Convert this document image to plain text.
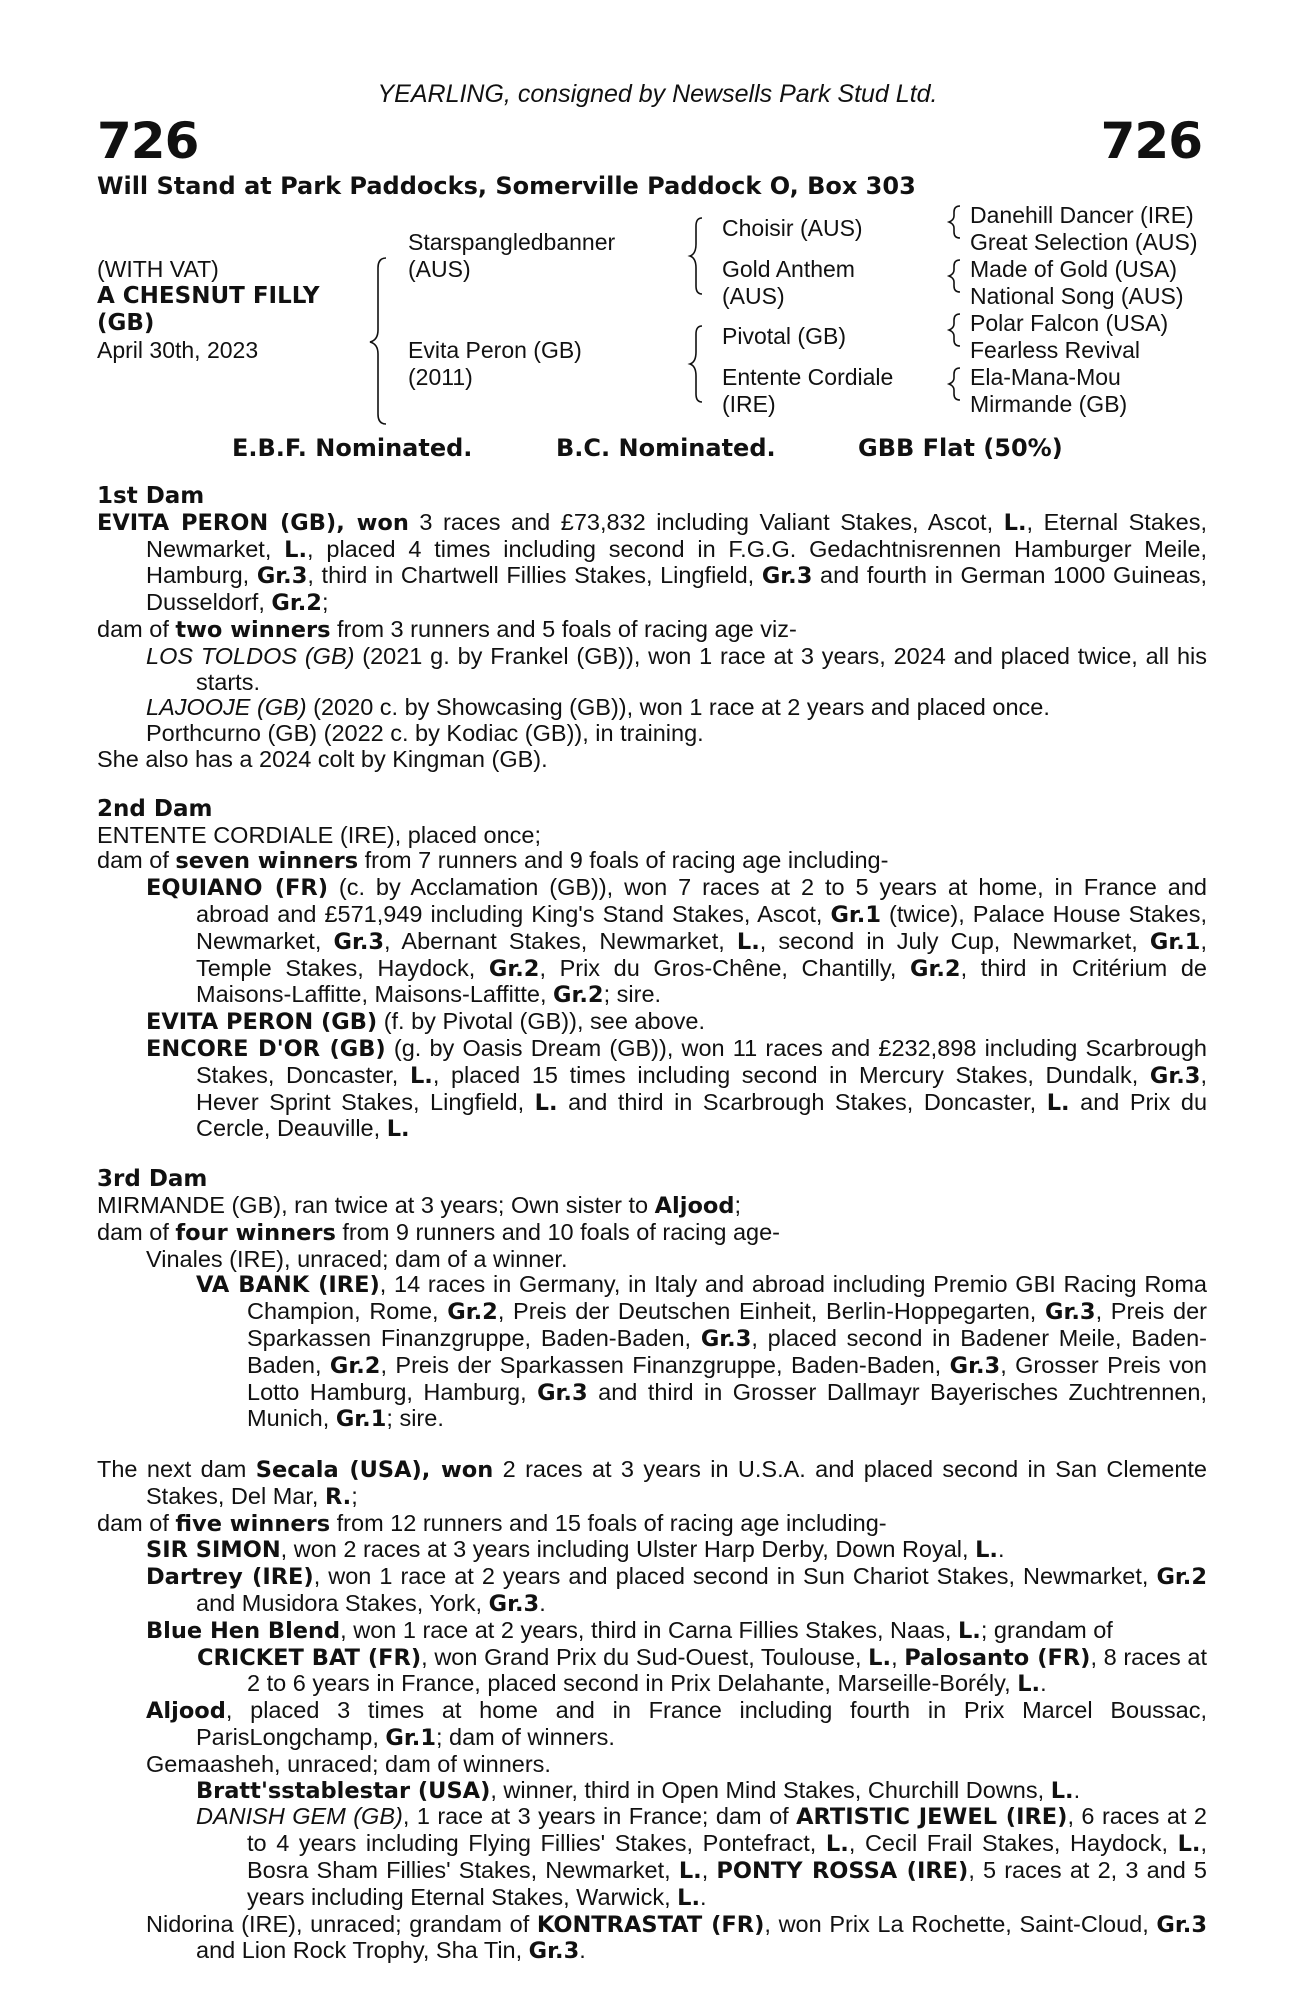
YEARLING, consigned by Newsells Park Stud Ltd.
726	726
Will Stand at Park Paddocks, Somerville Paddock O, Box 303
(WITH VAT)
A CHESNUT FILLY
(GB)
April 30th, 2023
Starspangledbanner
(AUS)
Evita Peron (GB)
(2011)
Choisir (AUS)
Gold Anthem
(AUS)
Pivotal (GB)
Entente Cordiale
(IRE)
Danehill Dancer (IRE)
Great Selection (AUS)
Made of Gold (USA)
National Song (AUS)
Polar Falcon (USA)
Fearless Revival
Ela-Mana-Mou
Mirmande (GB)
E.B.F. Nominated.	B.C. Nominated.	GBB Flat (50%)
1st Dam
EVITA PERON (GB), won 3 races and £73,832 including Valiant Stakes, Ascot, L., Eternal Stakes, Newmarket, L., placed 4 times including second in F.G.G. Gedachtnisrennen Hamburger Meile, Hamburg, Gr.3, third in Chartwell Fillies Stakes, Lingfield, Gr.3 and fourth in German 1000 Guineas, Dusseldorf, Gr.2;
dam of two winners from 3 runners and 5 foals of racing age viz-
LOS TOLDOS (GB) (2021 g. by Frankel (GB)), won 1 race at 3 years, 2024 and placed twice, all his starts.
LAJOOJE (GB) (2020 c. by Showcasing (GB)), won 1 race at 2 years and placed once.
Porthcurno (GB) (2022 c. by Kodiac (GB)), in training.
She also has a 2024 colt by Kingman (GB).
2nd Dam
ENTENTE CORDIALE (IRE), placed once;
dam of seven winners from 7 runners and 9 foals of racing age including-
EQUIANO (FR) (c. by Acclamation (GB)), won 7 races at 2 to 5 years at home, in France and abroad and £571,949 including King's Stand Stakes, Ascot, Gr.1 (twice), Palace House Stakes, Newmarket, Gr.3, Abernant Stakes, Newmarket, L., second in July Cup, Newmarket, Gr.1, Temple Stakes, Haydock, Gr.2, Prix du Gros-Chêne, Chantilly, Gr.2, third in Critérium de Maisons-Laffitte, Maisons-Laffitte, Gr.2; sire.
EVITA PERON (GB) (f. by Pivotal (GB)), see above.
ENCORE D'OR (GB) (g. by Oasis Dream (GB)), won 11 races and £232,898 including Scarbrough Stakes, Doncaster, L., placed 15 times including second in Mercury Stakes, Dundalk, Gr.3, Hever Sprint Stakes, Lingfield, L. and third in Scarbrough Stakes, Doncaster, L. and Prix du Cercle, Deauville, L.
3rd Dam
MIRMANDE (GB), ran twice at 3 years; Own sister to Aljood;
dam of four winners from 9 runners and 10 foals of racing age-
Vinales (IRE), unraced; dam of a winner.
VA BANK (IRE), 14 races in Germany, in Italy and abroad including Premio GBI Racing Roma Champion, Rome, Gr.2, Preis der Deutschen Einheit, Berlin-Hoppegarten, Gr.3, Preis der Sparkassen Finanzgruppe, Baden-Baden, Gr.3, placed second in Badener Meile, Baden-Baden, Gr.2, Preis der Sparkassen Finanzgruppe, Baden-Baden, Gr.3, Grosser Preis von Lotto Hamburg, Hamburg, Gr.3 and third in Grosser Dallmayr Bayerisches Zuchtrennen, Munich, Gr.1; sire.
The next dam Secala (USA), won 2 races at 3 years in U.S.A. and placed second in San Clemente Stakes, Del Mar, R.;
dam of five winners from 12 runners and 15 foals of racing age including-
SIR SIMON, won 2 races at 3 years including Ulster Harp Derby, Down Royal, L..
Dartrey (IRE), won 1 race at 2 years and placed second in Sun Chariot Stakes, Newmarket, Gr.2 and Musidora Stakes, York, Gr.3.
Blue Hen Blend, won 1 race at 2 years, third in Carna Fillies Stakes, Naas, L.; grandam of
CRICKET BAT (FR), won Grand Prix du Sud-Ouest, Toulouse, L., Palosanto (FR), 8 races at 2 to 6 years in France, placed second in Prix Delahante, Marseille-Borély, L..
Aljood, placed 3 times at home and in France including fourth in Prix Marcel Boussac, ParisLongchamp, Gr.1; dam of winners.
Gemaasheh, unraced; dam of winners.
Bratt'sstablestar (USA), winner, third in Open Mind Stakes, Churchill Downs, L..
DANISH GEM (GB), 1 race at 3 years in France; dam of ARTISTIC JEWEL (IRE), 6 races at 2 to 4 years including Flying Fillies' Stakes, Pontefract, L., Cecil Frail Stakes, Haydock, L., Bosra Sham Fillies' Stakes, Newmarket, L., PONTY ROSSA (IRE), 5 races at 2, 3 and 5 years including Eternal Stakes, Warwick, L..
Nidorina (IRE), unraced; grandam of KONTRASTAT (FR), won Prix La Rochette, Saint-Cloud, Gr.3 and Lion Rock Trophy, Sha Tin, Gr.3.
